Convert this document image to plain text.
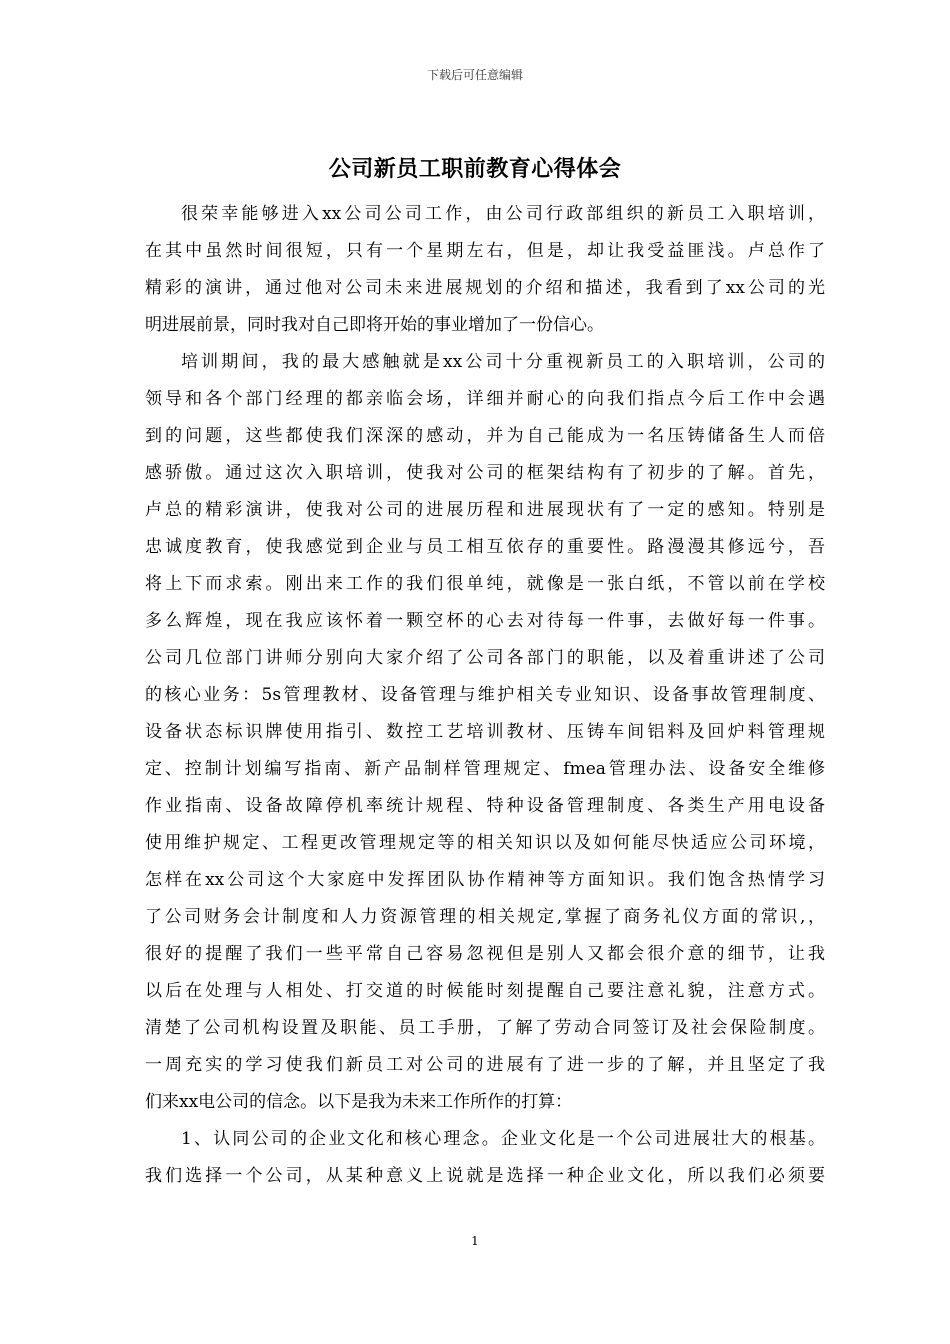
下载后可任意编辑
公司新员工职前教育心得体会
很荣幸能够进入xx公司公司工作，由公司行政部组织的新员工入职培训，
在其中虽然时间很短，只有一个星期左右，但是，却让我受益匪浅。卢总作了
精彩的演讲，通过他对公司未来进展规划的介绍和描述，我看到了xx公司的光
明进展前景，同时我对自己即将开始的事业增加了一份信心。
培训期间，我的最大感触就是xx公司十分重视新员工的入职培训，公司的
领导和各个部门经理的都亲临会场，详细并耐心的向我们指点今后工作中会遇
到的问题，这些都使我们深深的感动，并为自己能成为一名压铸储备生人而倍
感骄傲。通过这次入职培训，使我对公司的框架结构有了初步的了解。首先，
卢总的精彩演讲，使我对公司的进展历程和进展现状有了一定的感知。特别是
忠诚度教育，使我感觉到企业与员工相互依存的重要性。路漫漫其修远兮，吾
将上下而求索。刚出来工作的我们很单纯，就像是一张白纸，不管以前在学校
多么辉煌，现在我应该怀着一颗空杯的心去对待每一件事，去做好每一件事。
公司几位部门讲师分别向大家介绍了公司各部门的职能，以及着重讲述了公司
的核心业务：5s管理教材、设备管理与维护相关专业知识、设备事故管理制度、
设备状态标识牌使用指引、数控工艺培训教材、压铸车间铝料及回炉料管理规
定、控制计划编写指南、新产品制样管理规定、fmea管理办法、设备安全维修
作业指南、设备故障停机率统计规程、特种设备管理制度、各类生产用电设备
使用维护规定、工程更改管理规定等的相关知识以及如何能尽快适应公司环境，
怎样在xx公司这个大家庭中发挥团队协作精神等方面知识。我们饱含热情学习
了公司财务会计制度和人力资源管理的相关规定,掌握了商务礼仪方面的常识,，
很好的提醒了我们一些平常自己容易忽视但是别人又都会很介意的细节，让我
以后在处理与人相处、打交道的时候能时刻提醒自己要注意礼貌，注意方式。
清楚了公司机构设置及职能、员工手册，了解了劳动合同签订及社会保险制度。
一周充实的学习使我们新员工对公司的进展有了进一步的了解，并且坚定了我
们来xx电公司的信念。以下是我为未来工作所作的打算：
1、认同公司的企业文化和核心理念。企业文化是一个公司进展壮大的根基。
我们选择一个公司，从某种意义上说就是选择一种企业文化，所以我们必须要
1
